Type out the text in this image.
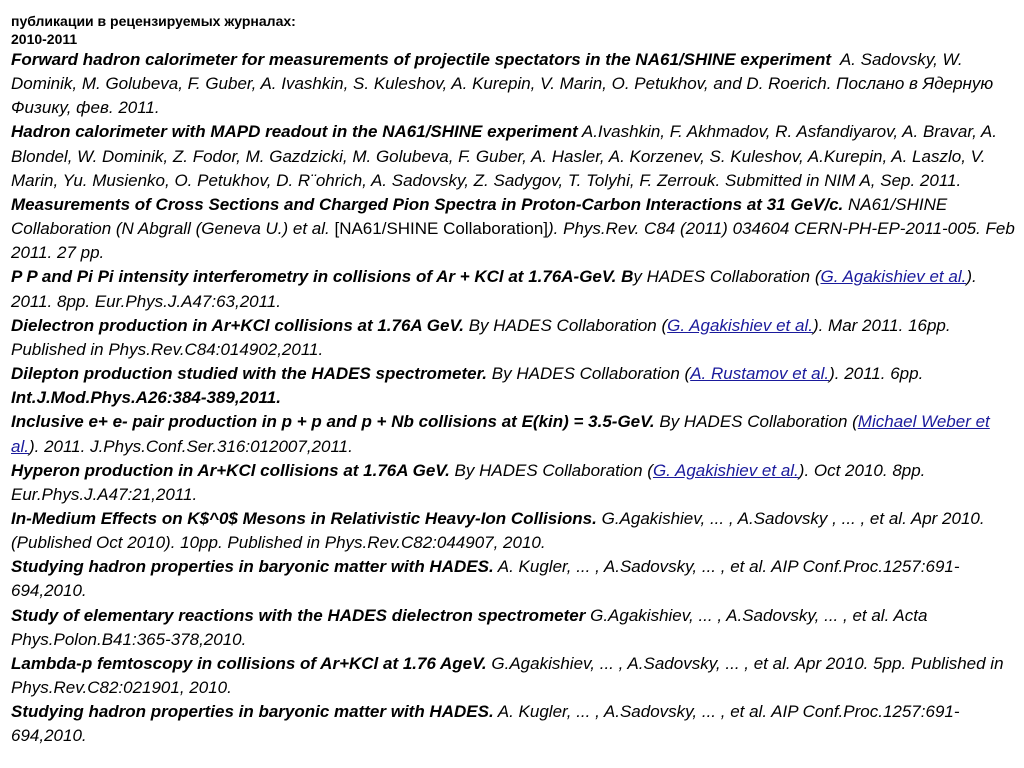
публикации в рецензируемых журналах:
2010-2011

Forward hadron calorimeter for measurements of projectile spectators in the NA61/SHINE experiment A. Sadovsky, W. Dominik, M. Golubeva, F. Guber, A. Ivashkin, S. Kuleshov, A. Kurepin, V. Marin, O. Petukhov, and D. Roerich. Послано в Ядерную Физику, фев. 2011.

Hadron calorimeter with MAPD readout in the NA61/SHINE experiment A.Ivashkin, F. Akhmadov, R. Asfandiyarov, A. Bravar, A. Blondel, W. Dominik, Z. Fodor, M. Gazdzicki, M. Golubeva, F. Guber, A. Hasler, A. Korzenev, S. Kuleshov, A.Kurepin, A. Laszlo, V. Marin, Yu. Musienko, O. Petukhov, D. R¨ohrich, A. Sadovsky, Z. Sadygov, T. Tolyhi, F. Zerrouk. Submitted in NIM A, Sep. 2011.

Measurements of Cross Sections and Charged Pion Spectra in Proton-Carbon Interactions at 31 GeV/c. NA61/SHINE Collaboration (N Abgrall (Geneva U.) et al. [NA61/SHINE Collaboration]). Phys.Rev. C84 (2011) 034604 CERN-PH-EP-2011-005. Feb 2011. 27 pp.

P P and Pi Pi intensity interferometry in collisions of Ar + KCl at 1.76A-GeV. By HADES Collaboration (G. Agakishiev et al.). 2011. 8pp. Eur.Phys.J.A47:63,2011.

Dielectron production in Ar+KCl collisions at 1.76A GeV. By HADES Collaboration (G. Agakishiev et al.). Mar 2011. 16pp. Published in Phys.Rev.C84:014902,2011.

Dilepton production studied with the HADES spectrometer. By HADES Collaboration (A. Rustamov et al.). 2011. 6pp. Int.J.Mod.Phys.A26:384-389,2011.

Inclusive e+ e- pair production in p + p and p + Nb collisions at E(kin) = 3.5-GeV. By HADES Collaboration (Michael Weber et al.). 2011. J.Phys.Conf.Ser.316:012007,2011.

Hyperon production in Ar+KCl collisions at 1.76A GeV. By HADES Collaboration (G. Agakishiev et al.). Oct 2010. 8pp. Eur.Phys.J.A47:21,2011.

In-Medium Effects on K$^0$ Mesons in Relativistic Heavy-Ion Collisions. G.Agakishiev, ... , A.Sadovsky , ... , et al. Apr 2010. (Published Oct 2010). 10pp. Published in Phys.Rev.C82:044907, 2010.

Studying hadron properties in baryonic matter with HADES. A. Kugler, ... , A.Sadovsky, ... , et al. AIP Conf.Proc.1257:691-694,2010.

Study of elementary reactions with the HADES dielectron spectrometer G.Agakishiev, ... , A.Sadovsky, ... , et al. Acta Phys.Polon.B41:365-378,2010.

Lambda-p femtoscopy in collisions of Ar+KCl at 1.76 AgeV. G.Agakishiev, ... , A.Sadovsky, ... , et al. Apr 2010. 5pp. Published in Phys.Rev.C82:021901, 2010.

Studying hadron properties in baryonic matter with HADES. A. Kugler, ... , A.Sadovsky, ... , et al. AIP Conf.Proc.1257:691-694,2010.
